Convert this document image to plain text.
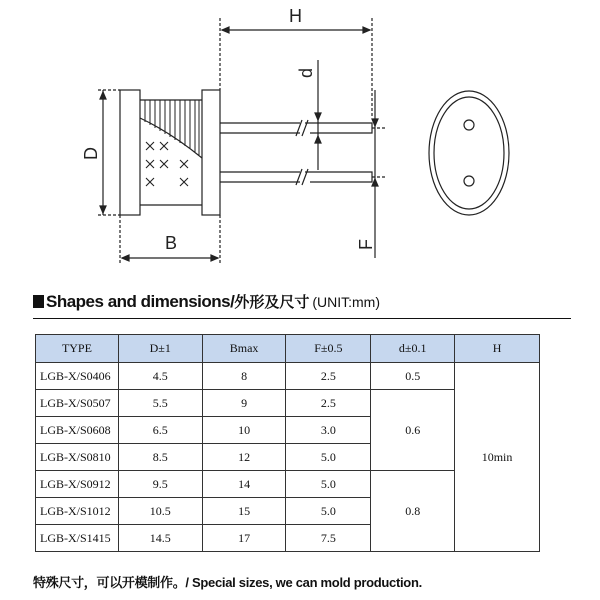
H
B
D
d
F
Shapes and dimensions/ 外形及尺寸 (UNIT:mm)
TYPE	D±1	Bmax	F±0.5	d±0.1	H
LGB-X/S0406	4.5	8	2.5	0.5	10min
LGB-X/S0507	5.5	9	2.5	0.6	
LGB-X/S0608	6.5	10	3.0		
LGB-X/S0810	8.5	12	5.0		
LGB-X/S0912	9.5	14	5.0	0.8	
LGB-X/S1012	10.5	15	5.0		
LGB-X/S1415	14.5	17	7.5		
特殊尺寸，可以开模制作。/ Special sizes, we can mold production.
